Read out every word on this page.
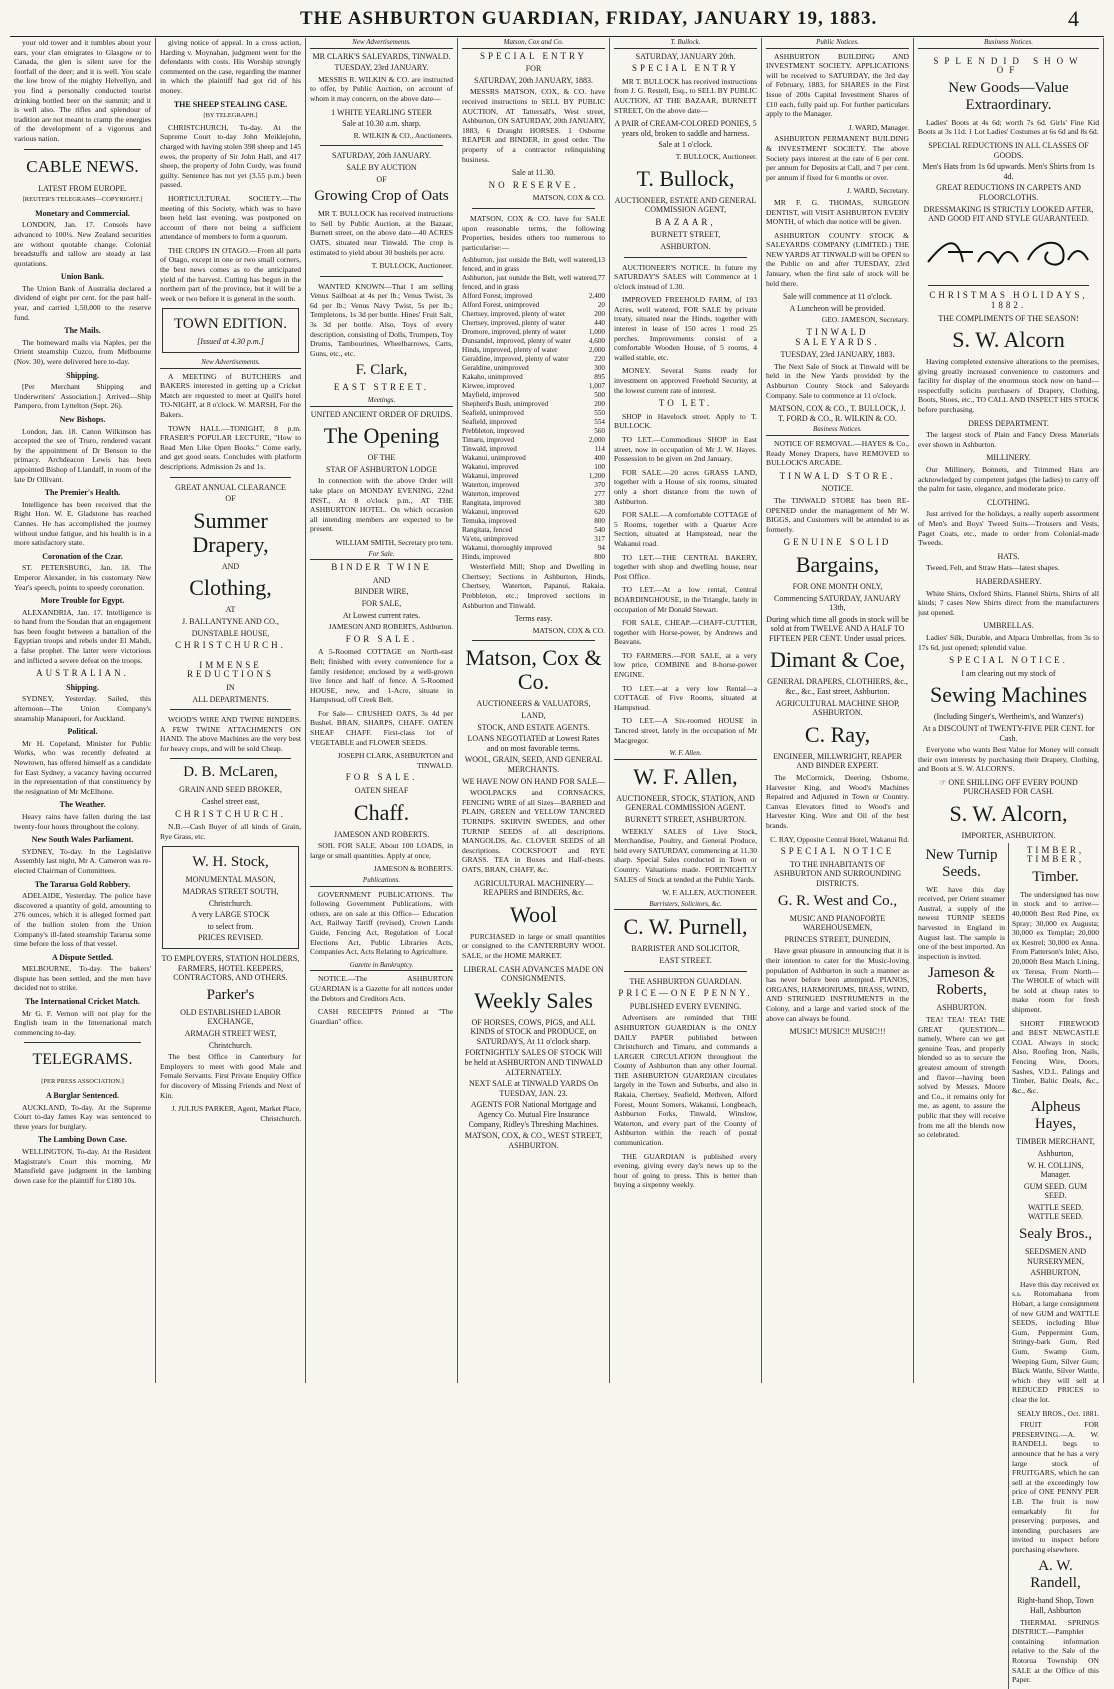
THE ASHBURTON GUARDIAN, FRIDAY, JANUARY 19, 1883.	4

your old tower and it tumbles about your ears, your clan emigrates to Glasgow or to Canada, the glen is silent save for the footfall of the deer; and it is well. You scale the low brow of the mighty Helvellyn, and you find a personally conducted tourist drinking bottled beer on the summit; and it is well also. The rifles and splendour of tradition are not meant to cramp the energies of the development of a vigorous and various nation.

CABLE NEWS.
LATEST FROM EUROPE.
[REUTER'S TELEGRAMS—COPYRIGHT.]
Monetary and Commercial.

LONDON, Jan. 17. Consols have advanced to 100¼. New Zealand securities are without quotable change. Colonial breadstuffs and tallow are steady at last quotations.

Union Bank.

The Union Bank of Australia declared a dividend of eight per cent. for the past half-year, and carried 1,50,000 to the reserve fund.

The Mails.

The homeward mails via Naples, per the Orient steamship Cuzco, from Melbourne (Nov. 30), were delivered here to-day.

Shipping.

[Per Merchant Shipping and Underwriters' Association.] Arrived—Ship Pampero, from Lyttelton (Sept. 26).

New Bishops.

London, Jan. 18. Canon Wilkinson has accepted the see of Truro, rendered vacant by the appointment of Dr Benson to the primacy. Archdeacon Lewis has been appointed Bishop of Llandaff, in room of the late Dr Ollivant.

The Premier's Health.

Intelligence has been received that the Right Hon. W. E. Gladstone has reached Cannes. He has accomplished the journey without undue fatigue, and his health is in a more satisfactory state.

Coronation of the Czar.

ST. PETERSBURG, Jan. 18. The Emperor Alexander, in his customary New Year's speech, points to speedy coronation.

More Trouble for Egypt.

ALEXANDRIA, Jan. 17. Intelligence is to hand from the Soudan that an engagement has been fought between a battalion of the Egyptian troops and rebels under El Mahdi, a false prophet. The latter were victorious and inflicted a severe defeat on the troops.

AUSTRALIAN.
Shipping.

SYDNEY, Yesterday. Sailed, this afternoon—The Union Company's steamship Manapouri, for Auckland.

Political.

Mr H. Copeland, Minister for Public Works, who was recently defeated at Newtown, has offered himself as a candidate for East Sydney, a vacancy having occurred in the representation of that constituency by the resignation of Mr McElhone.

The Weather.

Heavy rains have fallen during the last twenty-four hours throughout the colony.

New South Wales Parliament.

SYDNEY, To-day. In the Legislative Assembly last night, Mr A. Cameron was re-elected Chairman of Committees.

The Tararua Gold Robbery.

ADELAIDE, Yesterday. The police have discovered a quantity of gold, amounting to 276 ounces, which it is alleged formed part of the bullion stolen from the Union Company's ill-fated steamship Tararua some time before the loss of that vessel.

A Dispute Settled.

MELBOURNE, To-day. The bakers' dispute has been settled, and the men have decided not to strike.

The International Cricket Match.

Mr G. F. Vernon will not play for the English team in the International match commencing to-day.

TELEGRAMS.
[PER PRESS ASSOCIATION.]
A Burglar Sentenced.

AUCKLAND, To-day. At the Supreme Court to-day James Kay was sentenced to three years for burglary.

The Lambing Down Case.

WELLINGTON, To-day. At the Resident Magistrate's Court this morning, Mr Mansfield gave judgment in the lambing down case for the plaintiff for £180 10s.

giving notice of appeal. In a cross action, Harding v. Moynahan, judgment went for the defendants with costs. His Worship strongly commented on the case, regarding the manner in which the plaintiff had got rid of his money.

THE SHEEP STEALING CASE.
[BY TELEGRAPH.]

CHRISTCHURCH, To-day. At the Supreme Court to-day John Meiklejohn, charged with having stolen 398 sheep and 145 ewes, the property of Sir John Hall, and 417 sheep, the property of John Cordy, was found guilty. Sentence has not yet (3.55 p.m.) been passed.

HORTICULTURAL SOCIETY.—The meeting of this Society, which was to have been held last evening, was postponed on account of there not being a sufficient attendance of members to form a quorum.

THE CROPS IN OTAGO.—From all parts of Otago, except in one or two small corners, the best news comes as to the anticipated yield of the harvest. Cutting has begun in the northern part of the province, but it will be a week or two before it is general in the south.

TOWN EDITION.
[Issued at 4.30 p.m.]
New Advertisements.

A MEETING of BUTCHERS and BAKERS interested in getting up a Cricket Match are requested to meet at Quill's hotel TO-NIGHT, at 8 o'clock. W. MARSH, For the Bakers.

TOWN HALL.—TONIGHT, 8 p.m. FRASER'S POPULAR LECTURE, "How to Read Men Like Open Books." Come early, and get good seats. Concludes with platform descriptions. Admission 2s and 1s.

GREAT ANNUAL CLEARANCE
OF
Summer Drapery,
AND
Clothing,
AT
J. BALLANTYNE AND CO.,
DUNSTABLE HOUSE,
CHRISTCHURCH.
IMMENSE REDUCTIONS
IN
ALL DEPARTMENTS.

WOOD'S WIRE AND TWINE BINDERS. A FEW TWINE ATTACHMENTS ON HAND. The above Machines are the very best for heavy crops, and will be sold Cheap.

D. B. McLaren,
GRAIN AND SEED BROKER,
Cashel street east,
CHRISTCHURCH.

N.B.—Cash Buyer of all kinds of Grain, Rye Grass, etc.

W. H. Stock,
MONUMENTAL MASON,
MADRAS STREET SOUTH,
Christchurch.
A very LARGE STOCK
to select from.
PRICES REVISED.
TO EMPLOYERS, STATION HOLDERS, FARMERS, HOTEL KEEPERS, CONTRACTORS, AND OTHERS.
Parker's
OLD ESTABLISHED LABOR EXCHANGE,
ARMAGH STREET WEST,
Christchurch.

The best Office in Canterbury for Employers to meet with good Male and Female Servants. First Private Enquiry Office for discovery of Missing Friends and Next of Kin.

J. JULIUS PARKER, Agent, Market Place, Christchurch.
New Advertisements.
MR CLARK'S SALEYARDS, TINWALD.
TUESDAY, 23rd JANUARY.

MESSRS R. WILKIN & CO. are instructed to offer, by Public Auction, on account of whom it may concern, on the above date—

1 WHITE YEARLING STEER
Sale at 10.30 a.m. sharp.
R. WILKIN & CO., Auctioneers.
SATURDAY, 20th JANUARY.
SALE BY AUCTION
OF
Growing Crop of Oats

MR T. BULLOCK has received instructions to Sell by Public Auction, at the Bazaar, Burnett street, on the above date—40 ACRES OATS, situated near Tinwald. The crop is estimated to yield about 30 bushels per acre.

T. BULLOCK, Auctioneer.

WANTED KNOWN—That I am selling Venus Sailboat at 4s per lb.; Venus Twist, 3s 6d per lb.; Venus Navy Twist, 5s per lb.; Templetons, 1s 3d per bottle. Hines' Fruit Salt, 3s 3d per bottle. Also, Toys of every description, consisting of Dolls, Trumpets, Toy Drums, Tambourines, Wheelbarrows, Carts, Guns, etc., etc.

F. Clark,
EAST STREET.
Meetings.
UNITED ANCIENT ORDER OF DRUIDS.
The Opening
OF THE
STAR OF ASHBURTON LODGE

In connection with the above Order will take place on MONDAY EVENING, 22nd INST., At 8 o'clock p.m., AT THE ASHBURTON HOTEL. On which occasion all intending members are expected to be present.

WILLIAM SMITH, Secretary pro tem.
For Sale.
BINDER TWINE
AND
BINDER WIRE,
FOR SALE,
At Lowest current rates.
JAMESON AND ROBERTS, Ashburton.
FOR SALE.

A 5-Roomed COTTAGE on North-east Belt; finished with every convenience for a family residence; enclosed by a well-grown live fence and half of fence. A 5-Roomed HOUSE, new, and 1-Acre, situate in Hampstead, off Creek Belt.

For Sale— CRUSHED OATS, 3s 4d per Bushel. BRAN, SHARPS, CHAFF. OATEN SHEAF CHAFF. First-class lot of VEGETABLE and FLOWER SEEDS.

JOSEPH CLARK, ASHBURTON and TINWALD.
FOR SALE.
OATEN SHEAF
Chaff.
JAMESON AND ROBERTS.

SOIL FOR SALE. About 100 LOADS, in large or small quantities. Apply at once,

JAMESON & ROBERTS.
Publications.

GOVERNMENT PUBLICATIONS. The following Government Publications, with others, are on sale at this Office— Education Act, Railway Tariff (revised), Crown Lands Guide, Fencing Act, Regulation of Local Elections Act, Public Libraries Acts, Companies Act, Acts Relating to Agriculture.

Gazette in Bankruptcy.

NOTICE.—The ASHBURTON GUARDIAN is a Gazette for all notices under the Debtors and Creditors Acts.

CASH RECEIPTS Printed at "The Guardian" office.

Matson, Cox and Co.
SPECIAL ENTRY
FOR
SATURDAY, 20th JANUARY, 1883.

MESSRS MATSON, COX, & CO. have received instructions to SELL BY PUBLIC AUCTION, AT Tattersall's, West street, Ashburton, ON SATURDAY, 20th JANUARY, 1883, 6 Draught HORSES. 1 Osborne REAPER and BINDER, in good order. The property of a contractor relinquishing business.

Sale at 11.30.
NO RESERVE.
MATSON, COX & CO.

MATSON, COX & CO. have for SALE upon reasonable terms, the following Properties, besides others too numerous to particularise:—

Ashburton, just outside the Belt, well watered, fenced, and in grass
13
Ashburton, just outside the Belt, well watered, fenced, and in grass
77
Alford Forest, improved	2,400
Alford Forest, unimproved	20
Chertsey, improved, plenty of water	200
Chertsey, improved, plenty of water	440
Dromore, improved, plenty of water	1,000
Dunsandel, improved, plenty of water 4,600
Hinds, improved, plenty of water	2,000
Geraldine, improved, plenty of water	220
Geraldine, unimproved	300
Kakaho, unimproved	895
Kirwee, improved	1,007
Mayfield, improved	500
Shepherd's Bush, unimproved	200
Seafield, unimproved	550
Seafield, improved	554
Prebbleton, improved	560
Timaru, improved	2,000
Tinwald, improved	114
Wakanui, unimproved	400
Wakanui, improved	100
Wakanui, improved	1,200
Waterton, improved	370
Waterton, improved	277
Rangitata, improved	380
Wakanui, improved	620
Temuka, improved	800
Rangitata, fenced	540
Va'etu, unimproved	317
Wakanui, thoroughly improved	94
Hinds, improved	800

Westerfield Mill; Shop and Dwelling in Chertsey; Sections in Ashburton, Hinds, Chertsey, Waterton, Papanui, Rakaia, Prebbleton, etc.; Improved sections in Ashburton and Tinwald.

Terms easy.
MATSON, COX & CO.
Matson, Cox & Co.
AUCTIONEERS & VALUATORS,
LAND,
STOCK, AND ESTATE AGENTS.
LOANS NEGOTIATED at Lowest Rates and on most favorable terms.
WOOL, GRAIN, SEED, AND GENERAL MERCHANTS.
WE HAVE NOW ON HAND FOR SALE—

WOOLPACKS and CORNSACKS, FENCING WIRE of all Sizes—BARBED and PLAIN, GREEN and YELLOW TANCRED TURNIPS. SKIRVIN SWEDES, and other TURNIP SEEDS of all descriptions. MANGOLDS, &c. CLOVER SEEDS of all descriptions. COCKSFOOT and RYE GRASS. TEA in Boxes and Half-chests. OATS, BRAN, CHAFF, &c.

AGRICULTURAL MACHINERY—REAPERS and BINDERS, &c.
Wool

PURCHASED in large or small quantities or consigned to the CANTERBURY WOOL SALE, or the HOME MARKET.

LIBERAL CASH ADVANCES MADE ON CONSIGNMENTS.
Weekly Sales
OF HORSES, COWS, PIGS, and ALL KINDS of STOCK and PRODUCE, on SATURDAYS, At 11 o'clock sharp.
FORTNIGHTLY SALES OF STOCK Will be held at ASHBURTON AND TINWALD ALTERNATELY.
NEXT SALE at TINWALD YARDS On TUESDAY, JAN. 23.
AGENTS FOR National Mortgage and Agency Co. Mutual Fire Insurance Company, Ridley's Threshing Machines.
MATSON, COX, & CO., WEST STREET, ASHBURTON.
T. Bullock.
SATURDAY, JANUARY 20th.
SPECIAL ENTRY

MR T. BULLOCK has received instructions from J. G. Restell, Esq., to SELL BY PUBLIC AUCTION, AT THE BAZAAR, BURNETT STREET, On the above date—

A PAIR of CREAM-COLORED PONIES, 5 years old, broken to saddle and harness.
Sale at 1 o'clock.
T. BULLOCK, Auctioneer.
T. Bullock,
AUCTIONEER, ESTATE AND GENERAL COMMISSION AGENT,
BAZAAR,
BURNETT STREET,
ASHBURTON.

AUCTIONEER'S NOTICE. In future my SATURDAY'S SALES will Commence at 1 o'clock instead of 1.30.

IMPROVED FREEHOLD FARM, of 193 Acres, well watered, FOR SALE by private treaty, situated near the Hinds, together with interest in lease of 150 acres 1 rood 25 perches. Improvements consist of a comfortable Wooden House, of 5 rooms, 4 walled stable, etc.

MONEY. Several Sums ready for investment on approved Freehold Security, at the lowest current rate of interest.

TO LET.

SHOP in Havelock street. Apply to T. BULLOCK.

TO LET.—Commodious SHOP in East street, now in occupation of Mr J. W. Hayes. Possession to be given on 2nd January.

FOR SALE.—20 acres GRASS LAND, together with a House of six rooms, situated only a short distance from the town of Ashburton.

FOR SALE.—A comfortable COTTAGE of 5 Rooms, together with a Quarter Acre Section, situated at Hampstead, near the Wakanui road.

TO LET.—THE CENTRAL BAKERY, together with shop and dwelling house, near Post Office.

TO LET.—At a low rental, Central BOARDINGHOUSE, in the Triangle, lately in occupation of Mr Donald Stewart.

FOR SALE, CHEAP.—CHAFF-CUTTER, together with Horse-power, by Andrews and Beavans.

TO FARMERS.—FOR SALE, at a very low price, COMBINE and 8-horse-power ENGINE.

TO LET.—at a very low Rental—a COTTAGE of Five Rooms, situated at Hampstead.

TO LET.—A Six-roomed HOUSE in Tancred street, lately in the occupation of Mr Macgregor.

W. F. Allen.
W. F. Allen,
AUCTIONEER, STOCK, STATION, AND GENERAL COMMISSION AGENT.
BURNETT STREET, ASHBURTON.

WEEKLY SALES of Live Stock, Merchandise, Poultry, and General Produce, held every SATURDAY, commencing at 11.30 sharp. Special Sales conducted in Town or Country. Valuations made. FORTNIGHTLY SALES of Stock at tended at the Public Yards.

W. F. ALLEN, AUCTIONEER.
Barristers, Solicitors, &c.
C. W. Purnell,
BARRISTER AND SOLICITOR,
EAST STREET.
THE ASHBURTON GUARDIAN.
PRICE—ONE PENNY.
PUBLISHED EVERY EVENING.

Advertisers are reminded that THE ASHBURTON GUARDIAN is the ONLY DAILY PAPER published between Christchurch and Timaru, and commands a LARGER CIRCULATION throughout the County of Ashburton than any other Journal. THE ASHBURTON GUARDIAN circulates largely in the Town and Suburbs, and also in Rakaia, Chertsey, Seafield, Methven, Alford Forest, Mount Somers, Wakanui, Longbeach, Ashburton Forks, Tinwald, Winslow, Waterton, and every part of the County of Ashburton within the reach of postal communication.

THE GUARDIAN is published every evening, giving every day's news up to the hour of going to press. This is better than buying a sixpenny weekly.

Public Notices.

ASHBURTON BUILDING AND INVESTMENT SOCIETY. APPLICATIONS will be received to SATURDAY, the 3rd day of February, 1883, for SHARES in the First Issue of 200s Capital Investment Shares of £10 each, fully paid up. For further particulars apply to the Manager.

J. WARD, Manager.

ASHBURTON PERMANENT BUILDING & INVESTMENT SOCIETY. The above Society pays interest at the rate of 6 per cent. per annum for Deposits at Call, and 7 per cent. per annum if fixed for 6 months or over.

J. WARD, Secretary.

MR F. G. THOMAS, SURGEON DENTIST, will VISIT ASHBURTON EVERY MONTH, of which due notice will be given.

ASHBURTON COUNTY STOCK & SALEYARDS COMPANY (LIMITED.) THE NEW YARDS AT TINWALD will be OPEN to the Public on and after TUESDAY, 23rd January, when the first sale of stock will be held there.

Sale will commence at 11 o'clock.
A Luncheon will be provided.
GEO. JAMESON, Secretary.
TINWALD SALEYARDS.
TUESDAY, 23rd JANUARY, 1883.

The Next Sale of Stock at Tinwald will be held in the New Yards provided by the Ashburton County Stock and Saleyards Company. Sale to commence at 11 o'clock.

MATSON, COX & CO., T. BULLOCK, J. T. FORD & CO., R. WILKIN & CO.
Business Notices.

NOTICE OF REMOVAL.—HAYES & Co., Ready Money Drapers, have REMOVED to BULLOCK'S ARCADE.

TINWALD STORE.
NOTICE.

The TINWALD STORE has been RE-OPENED under the management of Mr W. BIGGS, and Customers will be attended to as formerly.

GENUINE SOLID
Bargains,
FOR ONE MONTH ONLY,
Commencing SATURDAY, JANUARY 13th,
During which time all goods in stock will be sold at from TWELVE AND A HALF TO FIFTEEN PER CENT. Under usual prices.
Dimant & Coe,
GENERAL DRAPERS, CLOTHIERS, &c., &c., &c., East street, Ashburton.
AGRICULTURAL MACHINE SHOP, ASHBURTON.
C. Ray,
ENGINEER, MILLWRIGHT, REAPER AND BINDER EXPERT.

The McCormick, Deering, Osborne, Harvester King, and Wood's Machines Repaired and Adjusted in Town or Country. Canvas Elevators fitted to Wood's and Harvester King. Wire and Oil of the best brands.

C. RAY, Opposite Central Hotel, Wakanui Rd.
SPECIAL NOTICE
TO THE INHABITANTS OF ASHBURTON AND SURROUNDING DISTRICTS.
G. R. West and Co.,
MUSIC AND PIANOFORTE WAREHOUSEMEN,
PRINCES STREET, DUNEDIN,

Have great pleasure in announcing that it is their intention to cater for the Music-loving population of Ashburton in such a manner as has never before been attempted. PIANOS, ORGANS, HARMONIUMS, BRASS, WIND, AND STRINGED INSTRUMENTS in the Colony, and a large and varied stock of the above can always be found.

MUSIC! MUSIC!! MUSIC!!!
Business Notices.
SPLENDID SHOW OF
New Goods—Value Extraordinary.

Ladies' Boots at 4s 6d; worth 7s 6d. Girls' Fine Kid Boots at 3s 11d. 1 Lot Ladies' Costumes at 6s 6d and 8s 6d.

SPECIAL REDUCTIONS IN ALL CLASSES OF GOODS.
Men's Hats from 1s 6d upwards. Men's Shirts from 1s 4d.
GREAT REDUCTIONS IN CARPETS AND FLOORCLOTHS.
DRESSMAKING IS STRICTLY LOOKED AFTER, AND GOOD FIT AND STYLE GUARANTEED.
CHRISTMAS HOLIDAYS, 1882.
THE COMPLIMENTS OF THE SEASON!
S. W. Alcorn

Having completed extensive alterations to the premises, giving greatly increased convenience to customers and facility for display of the enormous stock now on hand—respectfully solicits purchasers of Drapery, Clothing, Boots, Shoes, etc., TO CALL AND INSPECT HIS STOCK before purchasing.

DRESS DEPARTMENT.

The largest stock of Plain and Fancy Dress Materials ever shown in Ashburton.

MILLINERY.

Our Millinery, Bonnets, and Trimmed Hats are acknowledged by competent judges (the ladies) to carry off the palm for taste, elegance, and moderate price.

CLOTHING.

Just arrived for the holidays, a really superb assortment of Men's and Boys' Tweed Suits—Trousers and Vests, Paget Coats, etc., made to order from Colonial-made Tweeds.

HATS.

Tweed, Felt, and Straw Hats—latest shapes.

HABERDASHERY.

White Shirts, Oxford Shirts, Flannel Shirts, Shirts of all kinds; 7 cases New Shirts direct from the manufacturers just opened.

UMBRELLAS.

Ladies' Silk, Durable, and Alpaca Umbrellas, from 3s to 17s 6d, just opened; splendid value.

SPECIAL NOTICE.
I am clearing out my stock of
Sewing Machines
(Including Singer's, Wertheim's, and Wanzer's)
At a DISCOUNT of TWENTY-FIVE PER CENT. for Cash.

Everyone who wants Best Value for Money will consult their own interests by purchasing their Drapery, Clothing, and Boots at S. W. ALCORN'S.

☞ ONE SHILLING OFF EVERY POUND PURCHASED FOR CASH.
S. W. Alcorn,
IMPORTER, ASHBURTON.
New Turnip Seeds.

WE have this day received, per Orient steamer Austral, a supply of the newest TURNIP SEEDS harvested in England in August last. The sample is one of the best imported. An inspection is invited.

Jameson & Roberts,
ASHBURTON.

TEA! TEA! TEA! THE GREAT QUESTION—namely, Where can we get genuine Teas, and properly blended so as to secure the greatest amount of strength and flavor—having been solved by Messrs. Moore and Co., it remains only for me, as agent, to assure the public that they will receive from me all the blends now so celebrated.

TIMBER, TIMBER,
Timber.

The undersigned has now in stock and to arrive— 40,000ft Best Red Pine, ex Spray; 30,000 ex Augusta; 30,000 ex Templar; 20,000 ex Kestrel; 30,000 ex Anna. From Patterson's Inlet; Also, 20,000ft Best Match Lining, ex Teresa, From North— The WHOLE of which will be sold at cheap rates to make room for fresh shipment.

SHORT FIREWOOD and BEST NEWCASTLE COAL Always in stock; Also, Roofing Iron, Nails, Fencing Wire, Doors, Sashes, V.D.L. Palings and Timber, Baltic Deals, &c., &c., &c.

Alpheus Hayes,
TIMBER MERCHANT,
Ashburton,
W. H. COLLINS, Manager.
GUM SEED. GUM SEED.
WATTLE SEED. WATTLE SEED.
Sealy Bros.,
SEEDSMEN AND NURSERYMEN,
ASHBURTON,

Have this day received ex s.s. Rotomahana from Hobart, a large consignment of new GUM and WATTLE SEEDS, including Blue Gum, Peppermint Gum, Stringy-bark Gum, Red Gum, Swamp Gum, Weeping Gum, Silver Gum; Black Wattle, Silver Wattle, which they will sell at REDUCED PRICES to clear the lot.

SEALY BROS., Oct. 1881.

FRUIT FOR PRESERVING.—A. W. RANDELL begs to announce that he has a very large stock of FRUITGARS, which he can sell at the exceedingly low price of ONE PENNY PER LB. The fruit is now remarkably fit for preserving purposes, and intending purchasers are invited to inspect before purchasing elsewhere.

A. W. Randell,
Right-hand Shop, Town Hall, Ashburton

THERMAL SPRINGS DISTRICT.—Pamphlet containing information relative to the Sale of the Rotorua Township ON SALE at the Office of this Paper.
